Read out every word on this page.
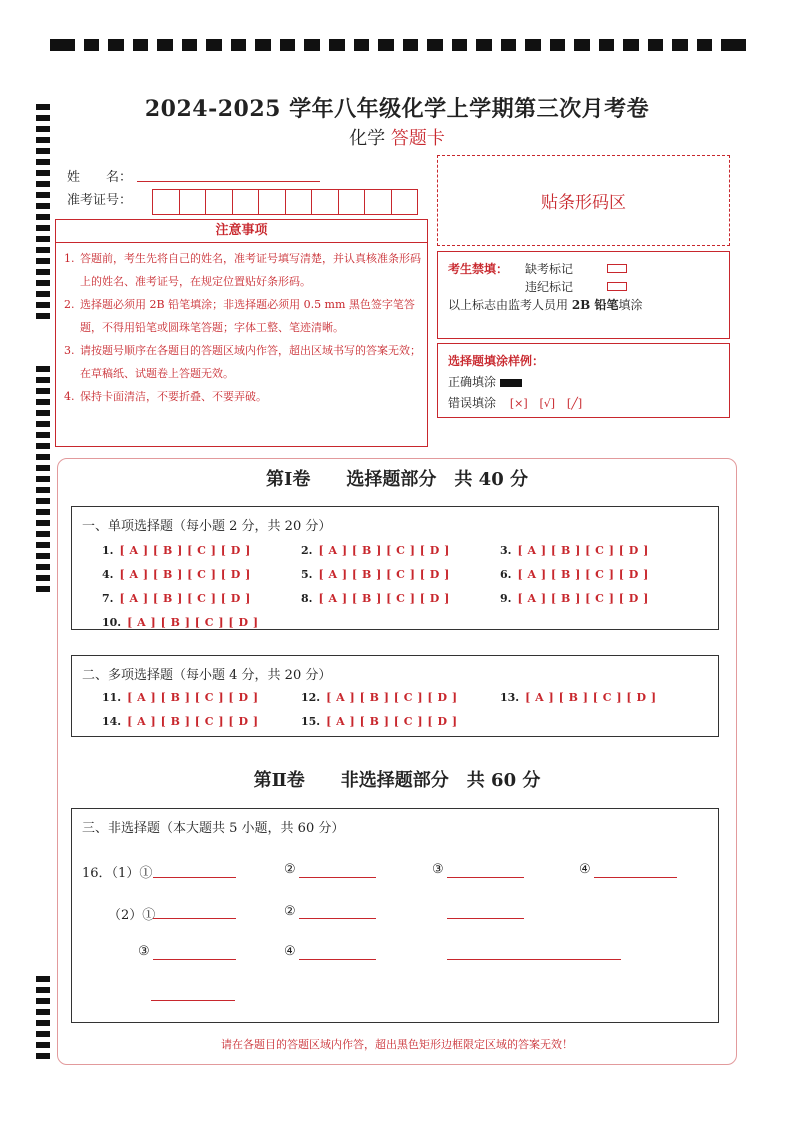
2024-2025 学年八年级化学上学期第三次月考卷
化学 答题卡
姓　　名：
准考证号：	贴条形码区
注意事项
1. 答题前，考生先将自己的姓名，准考证号填写清楚，并认真核准条形码上的姓名、准考证号，在规定位置贴好条形码。
2. 选择题必须用 2B 铅笔填涂；非选择题必须用 0.5 mm 黑色签字笔答题，不得用铅笔或圆珠笔答题；字体工整、笔迹清晰。
3. 请按题号顺序在各题目的答题区域内作答，超出区域书写的答案无效；在草稿纸、试题卷上答题无效。
4. 保持卡面清洁，不要折叠、不要弄破。
考生禁填： 缺考标记
违纪标记
以上标志由监考人员用 2B 铅笔填涂
选择题填涂样例：
正确填涂
错误填涂 [×] [√] [╱]
第Ⅰ卷　　选择题部分　共 40 分
一、单项选择题（每小题 2 分，共 20 分）
1. [ A ] [ B ] [ C ] [ D ]	2. [ A ] [ B ] [ C ] [ D ]	3. [ A ] [ B ] [ C ] [ D ]
4. [ A ] [ B ] [ C ] [ D ]	5. [ A ] [ B ] [ C ] [ D ]	6. [ A ] [ B ] [ C ] [ D ]
7. [ A ] [ B ] [ C ] [ D ]	8. [ A ] [ B ] [ C ] [ D ]	9. [ A ] [ B ] [ C ] [ D ]
10. [ A ] [ B ] [ C ] [ D ]
二、多项选择题（每小题 4 分，共 20 分）
11. [ A ] [ B ] [ C ] [ D ]	12. [ A ] [ B ] [ C ] [ D ]	13. [ A ] [ B ] [ C ] [ D ]
14. [ A ] [ B ] [ C ] [ D ]	15. [ A ] [ B ] [ C ] [ D ]
第Ⅱ卷　　非选择题部分　共 60 分
三、非选择题（本大题共 5 小题，共 60 分）
16．（1）①	②	③	④
（2）①	②
③	④
请在各题目的答题区域内作答，超出黑色矩形边框限定区域的答案无效！
